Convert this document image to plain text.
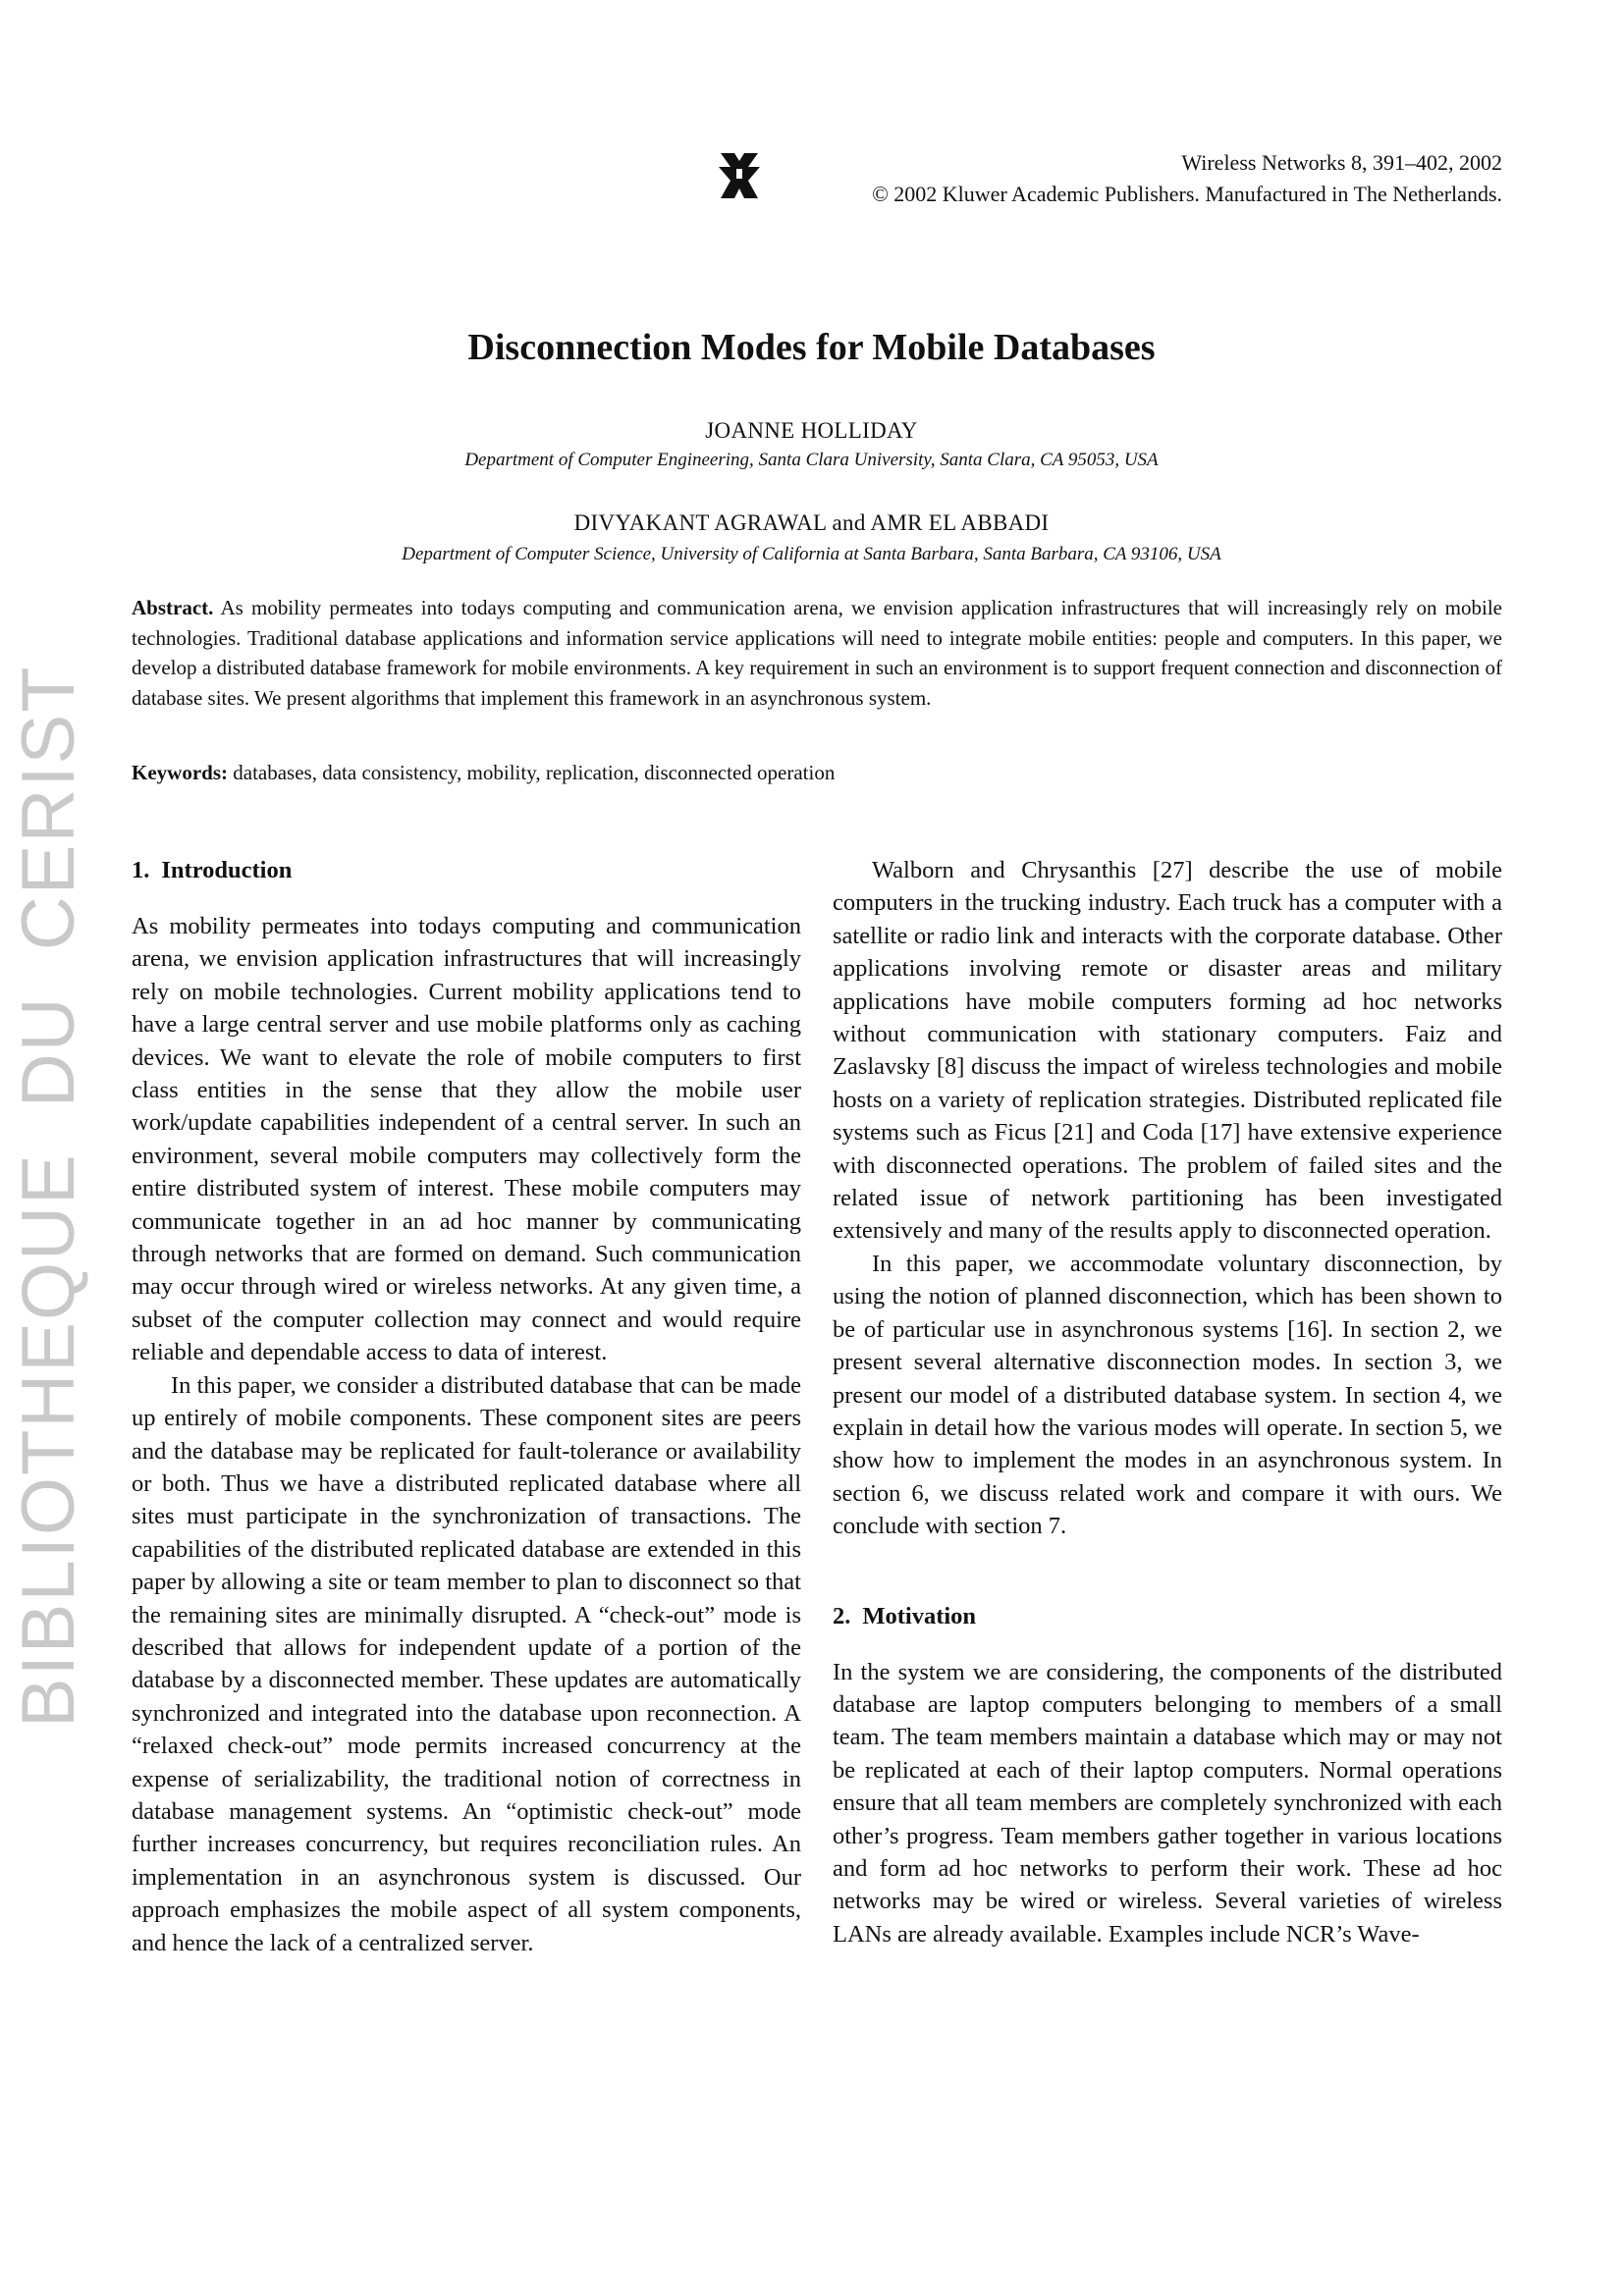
BIBLIOTHEQUE  DU  CERIST
Wireless Networks 8, 391–402, 2002
© 2002 Kluwer Academic Publishers. Manufactured in The Netherlands.
Disconnection Modes for Mobile Databases
JOANNE HOLLIDAY
Department of Computer Engineering, Santa Clara University, Santa Clara, CA 95053, USA
DIVYAKANT AGRAWAL and AMR EL ABBADI
Department of Computer Science, University of California at Santa Barbara, Santa Barbara, CA 93106, USA
Abstract. As mobility permeates into todays computing and communication arena, we envision application infrastructures that will increasingly rely on mobile technologies. Traditional database applications and information service applications will need to integrate mobile entities: people and computers. In this paper, we develop a distributed database framework for mobile environments. A key requirement in such an environment is to support frequent connection and disconnection of database sites. We present algorithms that implement this framework in an asynchronous system.
Keywords: databases, data consistency, mobility, replication, disconnected operation
1. Introduction

As mobility permeates into todays computing and communication arena, we envision application infrastructures that will increasingly rely on mobile technologies. Current mobility applications tend to have a large central server and use mobile platforms only as caching devices. We want to elevate the role of mobile computers to first class entities in the sense that they allow the mobile user work/update capabilities independent of a central server. In such an environment, several mobile computers may collectively form the entire distributed system of interest. These mobile computers may communicate together in an ad hoc manner by communicating through networks that are formed on demand. Such communication may occur through wired or wireless networks. At any given time, a subset of the computer collection may connect and would require reliable and dependable access to data of interest.

In this paper, we consider a distributed database that can be made up entirely of mobile components. These component sites are peers and the database may be replicated for fault-tolerance or availability or both. Thus we have a distributed replicated database where all sites must participate in the synchronization of transactions. The capabilities of the distributed replicated database are extended in this paper by allowing a site or team member to plan to disconnect so that the remaining sites are minimally disrupted. A “check-out” mode is described that allows for independent update of a portion of the database by a disconnected member. These updates are automatically synchronized and integrated into the database upon reconnection. A “relaxed check-out” mode permits increased concurrency at the expense of serializability, the traditional notion of correctness in database management systems. An “optimistic check-out” mode further increases concurrency, but requires reconciliation rules. An implementation in an asynchronous system is discussed. Our approach emphasizes the mobile aspect of all system components, and hence the lack of a centralized server.

Walborn and Chrysanthis [27] describe the use of mobile computers in the trucking industry. Each truck has a computer with a satellite or radio link and interacts with the corporate database. Other applications involving remote or disaster areas and military applications have mobile computers forming ad hoc networks without communication with stationary computers. Faiz and Zaslavsky [8] discuss the impact of wireless technologies and mobile hosts on a variety of replication strategies. Distributed replicated file systems such as Ficus [21] and Coda [17] have extensive experience with disconnected operations. The problem of failed sites and the related issue of network partitioning has been investigated extensively and many of the results apply to disconnected operation.

In this paper, we accommodate voluntary disconnection, by using the notion of planned disconnection, which has been shown to be of particular use in asynchronous systems [16]. In section 2, we present several alternative disconnection modes. In section 3, we present our model of a distributed database system. In section 4, we explain in detail how the various modes will operate. In section 5, we show how to implement the modes in an asynchronous system. In section 6, we discuss related work and compare it with ours. We conclude with section 7.

2. Motivation

In the system we are considering, the components of the distributed database are laptop computers belonging to members of a small team. The team members maintain a database which may or may not be replicated at each of their laptop computers. Normal operations ensure that all team members are completely synchronized with each other’s progress. Team members gather together in various locations and form ad hoc networks to perform their work. These ad hoc networks may be wired or wireless. Several varieties of wireless LANs are already available. Examples include NCR’s Wave-
